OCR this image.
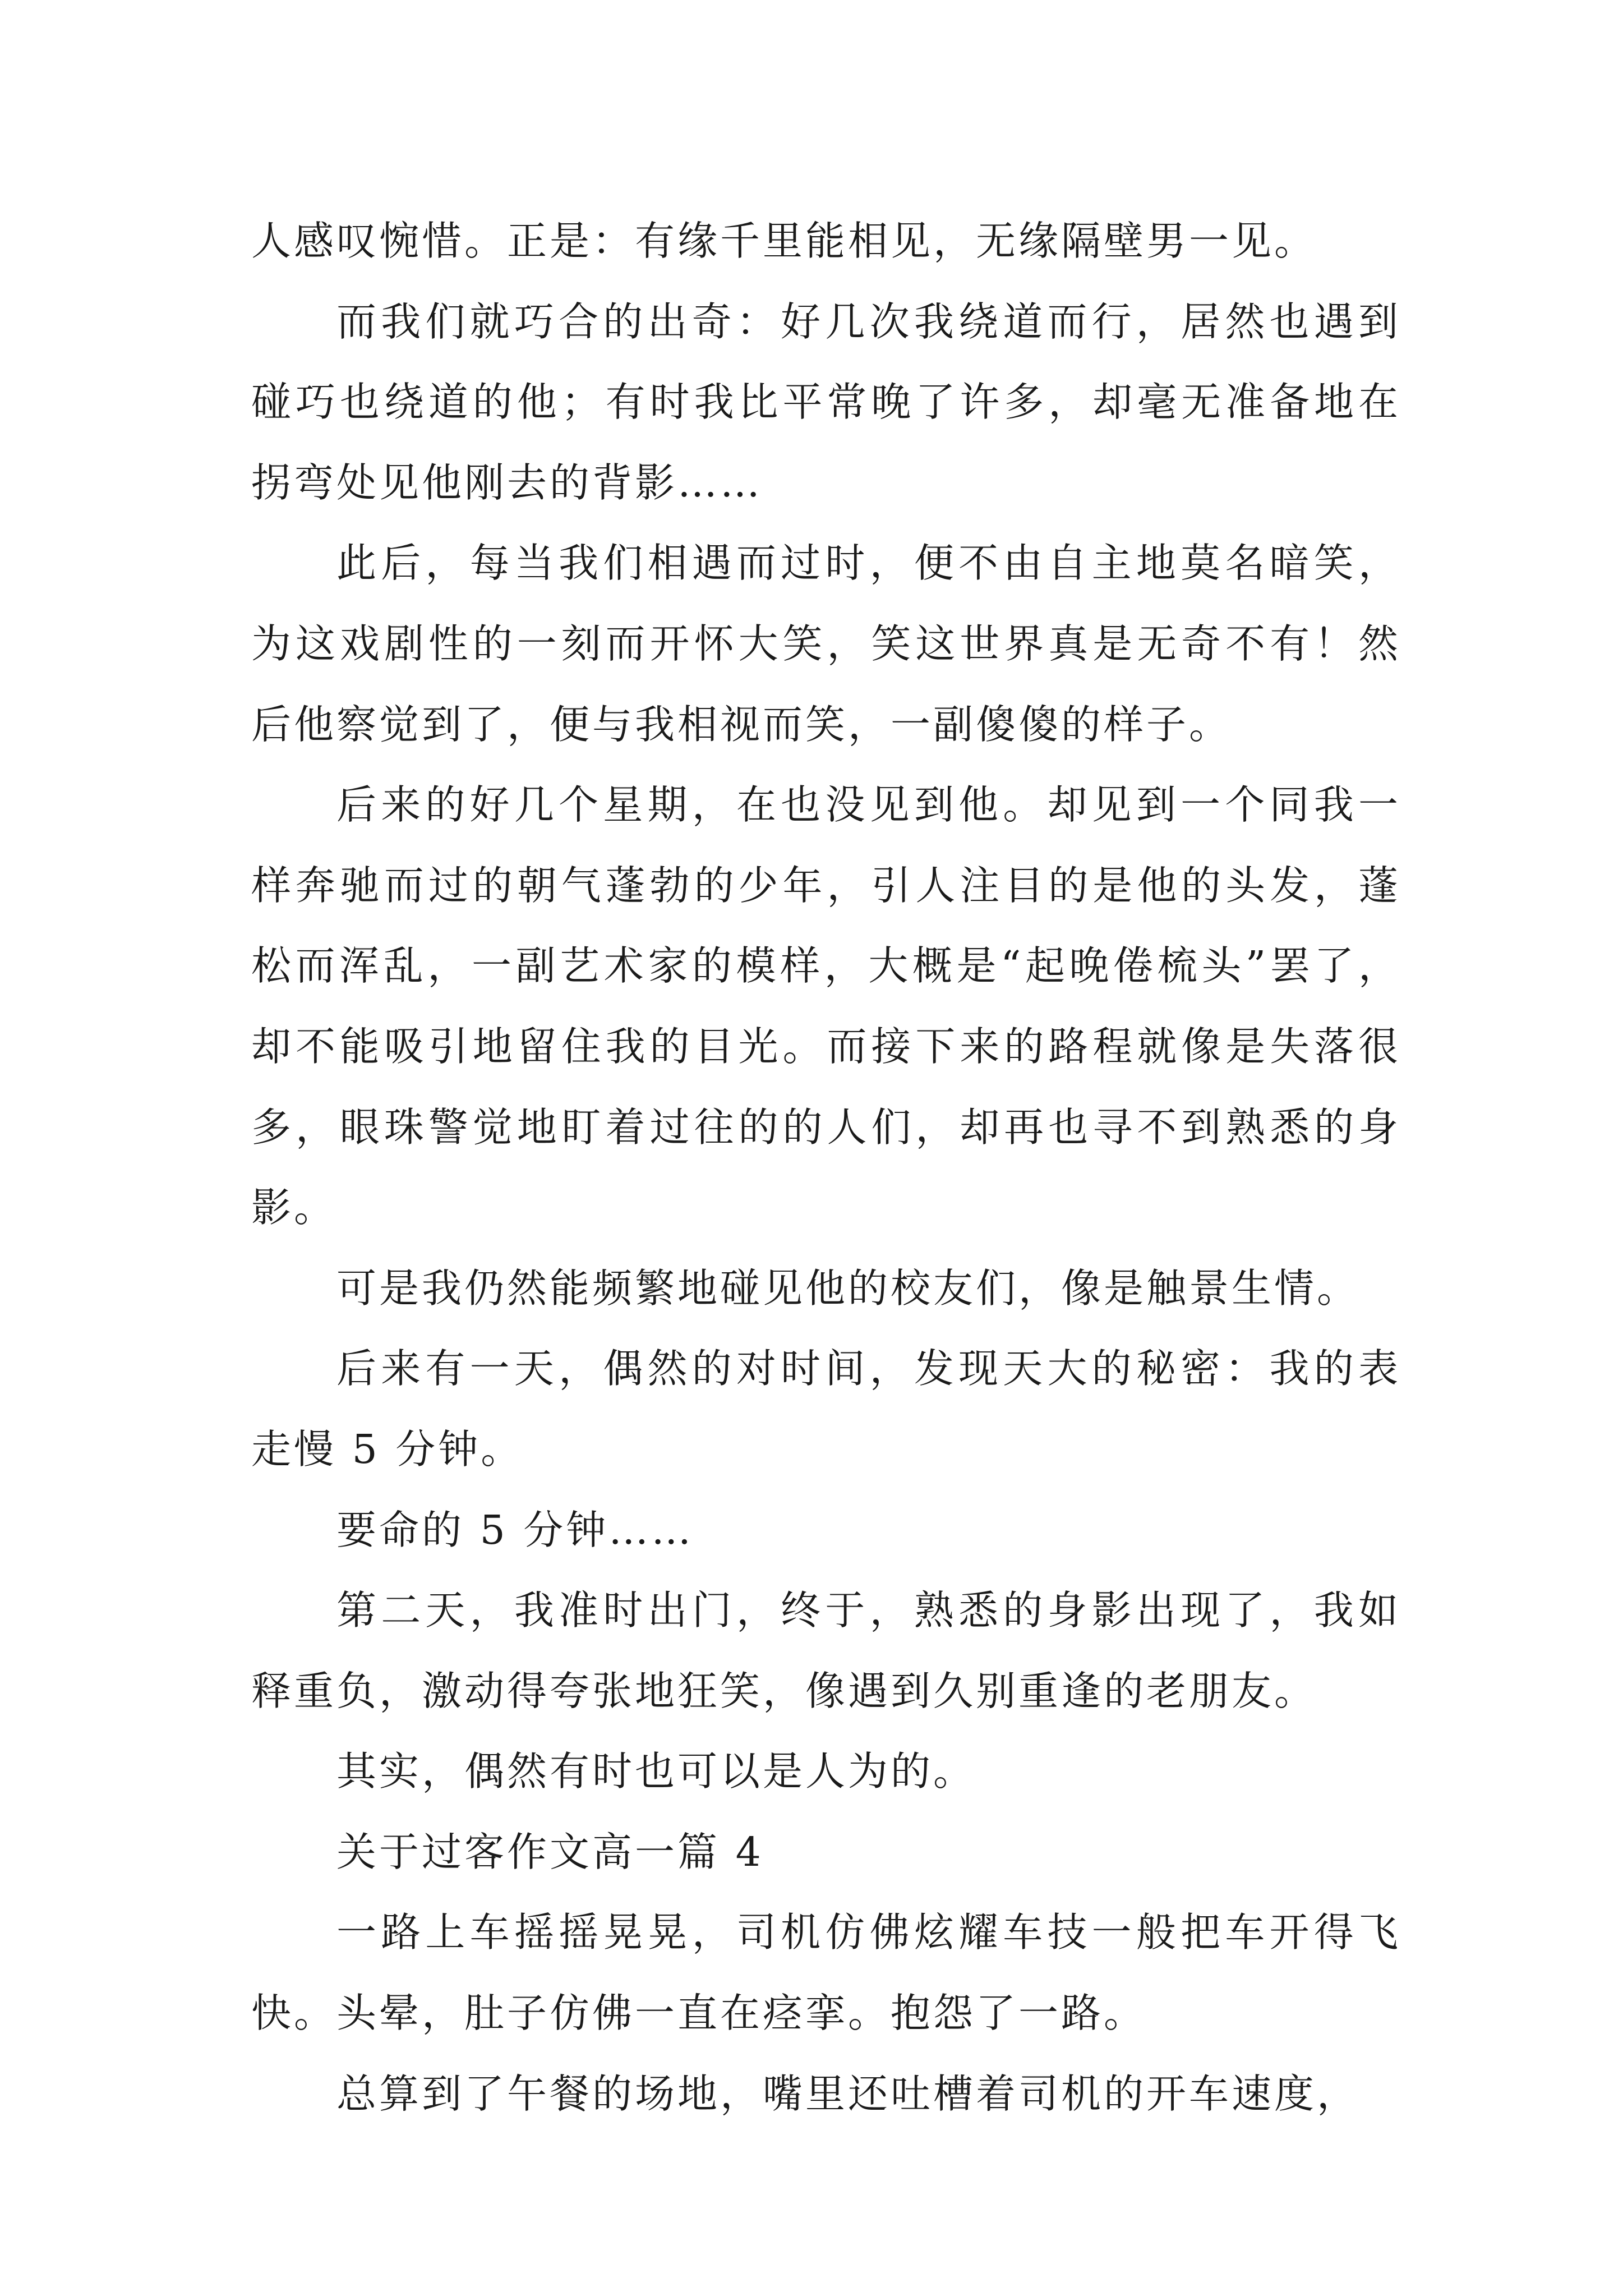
人感叹惋惜。正是：有缘千里能相见，无缘隔壁男一见。

而我们就巧合的出奇：好几次我绕道而行，居然也遇到碰巧也绕道的他；有时我比平常晚了许多，却毫无准备地在拐弯处见他刚去的背影……

此后，每当我们相遇而过时，便不由自主地莫名暗笑，为这戏剧性的一刻而开怀大笑，笑这世界真是无奇不有！然后他察觉到了，便与我相视而笑，一副傻傻的样子。

后来的好几个星期，在也没见到他。却见到一个同我一样奔驰而过的朝气蓬勃的少年，引人注目的是他的头发，蓬松而浑乱，一副艺术家的模样，大概是“起晚倦梳头”罢了，却不能吸引地留住我的目光。而接下来的路程就像是失落很多，眼珠警觉地盯着过往的的人们，却再也寻不到熟悉的身影。

可是我仍然能频繁地碰见他的校友们，像是触景生情。

后来有一天，偶然的对时间，发现天大的秘密：我的表走慢 5 分钟。

要命的 5 分钟……

第二天，我准时出门，终于，熟悉的身影出现了，我如释重负，激动得夸张地狂笑，像遇到久别重逢的老朋友。

其实，偶然有时也可以是人为的。

关于过客作文高一篇 4

一路上车摇摇晃晃，司机仿佛炫耀车技一般把车开得飞快。头晕，肚子仿佛一直在痉挛。抱怨了一路。

总算到了午餐的场地，嘴里还吐槽着司机的开车速度，
